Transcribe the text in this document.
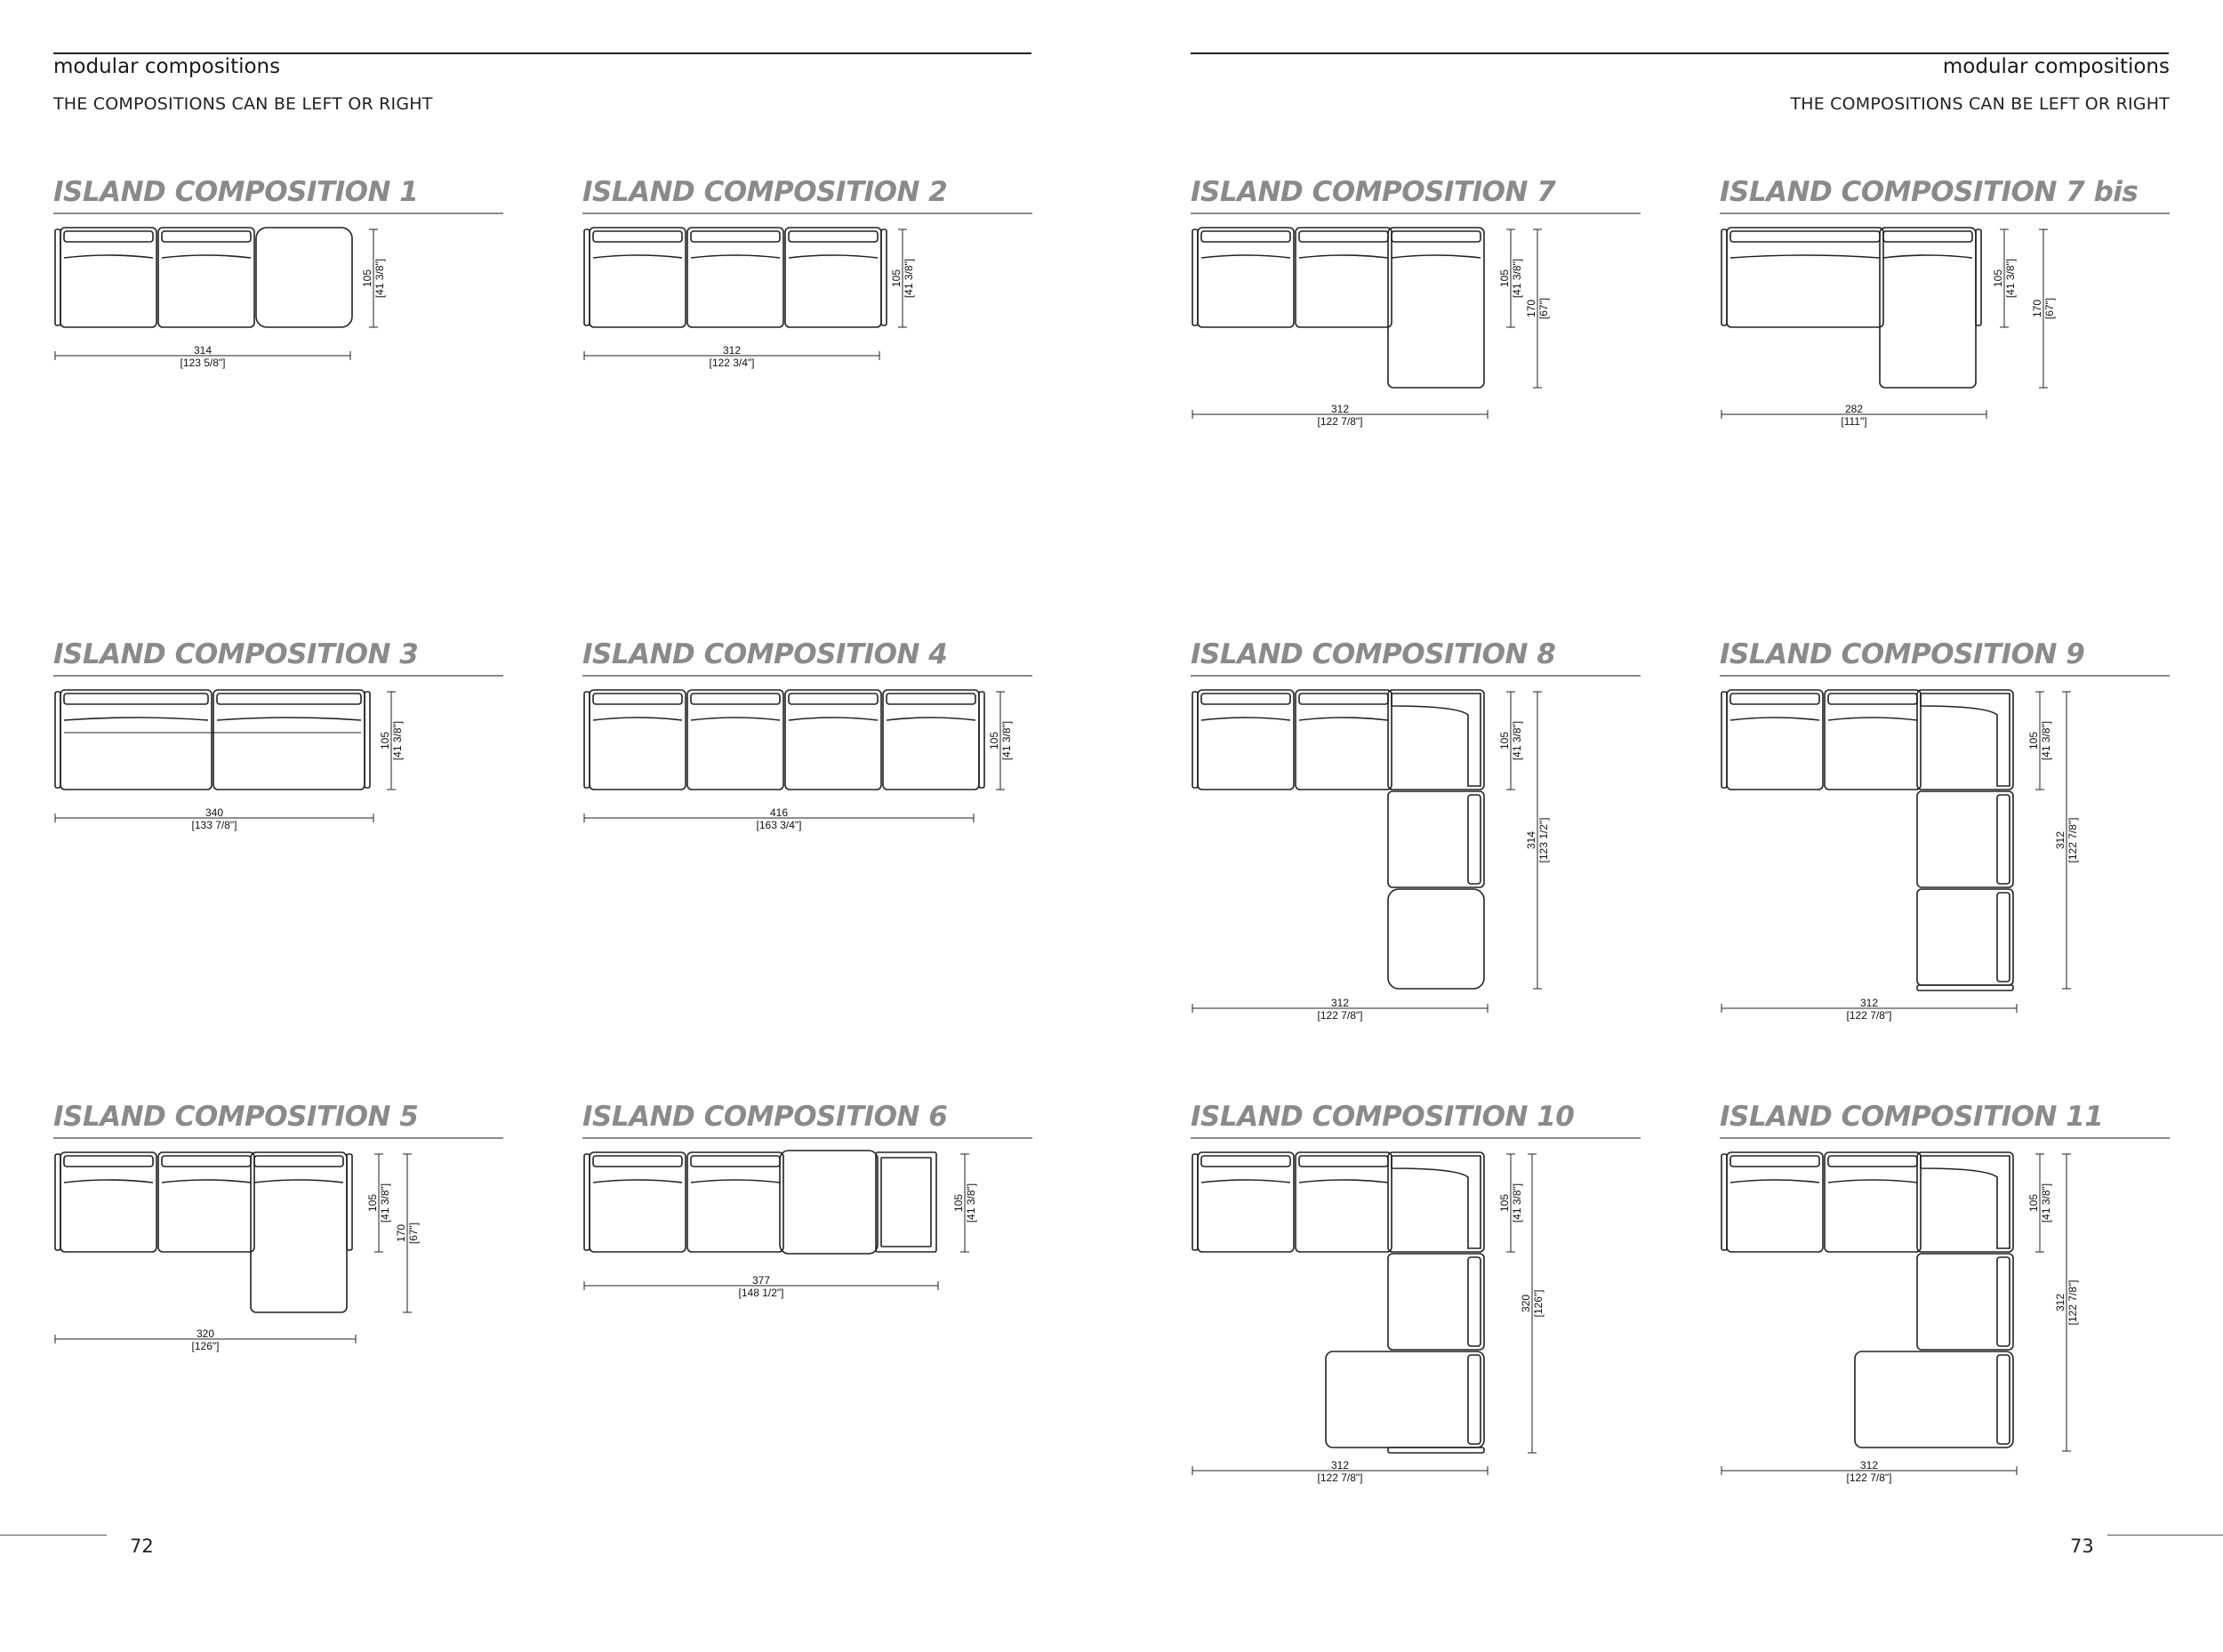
modular compositions
THE COMPOSITIONS CAN BE LEFT OR RIGHT
ISLAND COMPOSITION 1
105 [41 3/8"]
314
[123 5/8"]
ISLAND COMPOSITION 2
105 [41 3/8"]
312
[122 3/4"]
ISLAND COMPOSITION 3
105 [41 3/8"]
340
[133 7/8"]
ISLAND COMPOSITION 4
105 [41 3/8"]
416
[163 3/4"]
ISLAND COMPOSITION 5
105 [41 3/8"]
170 [67"]
320
[126"]
ISLAND COMPOSITION 6
105 [41 3/8"]
377
[148 1/2"]
72
modular compositions
THE COMPOSITIONS CAN BE LEFT OR RIGHT
ISLAND COMPOSITION 7
105 [41 3/8"]
170 [67"]
312
[122 7/8"]
ISLAND COMPOSITION 7 bis
105 [41 3/8"]
170 [67"]
282
[111"]
ISLAND COMPOSITION 8
105 [41 3/8"]
314 [123 1/2"]
312
[122 7/8"]
ISLAND COMPOSITION 9
105 [41 3/8"]
312 [122 7/8"]
312
[122 7/8"]
ISLAND COMPOSITION 10
105 [41 3/8"]
320 [126"]
312
[122 7/8"]
ISLAND COMPOSITION 11
105 [41 3/8"]
312 [122 7/8"]
312
[122 7/8"]
73
